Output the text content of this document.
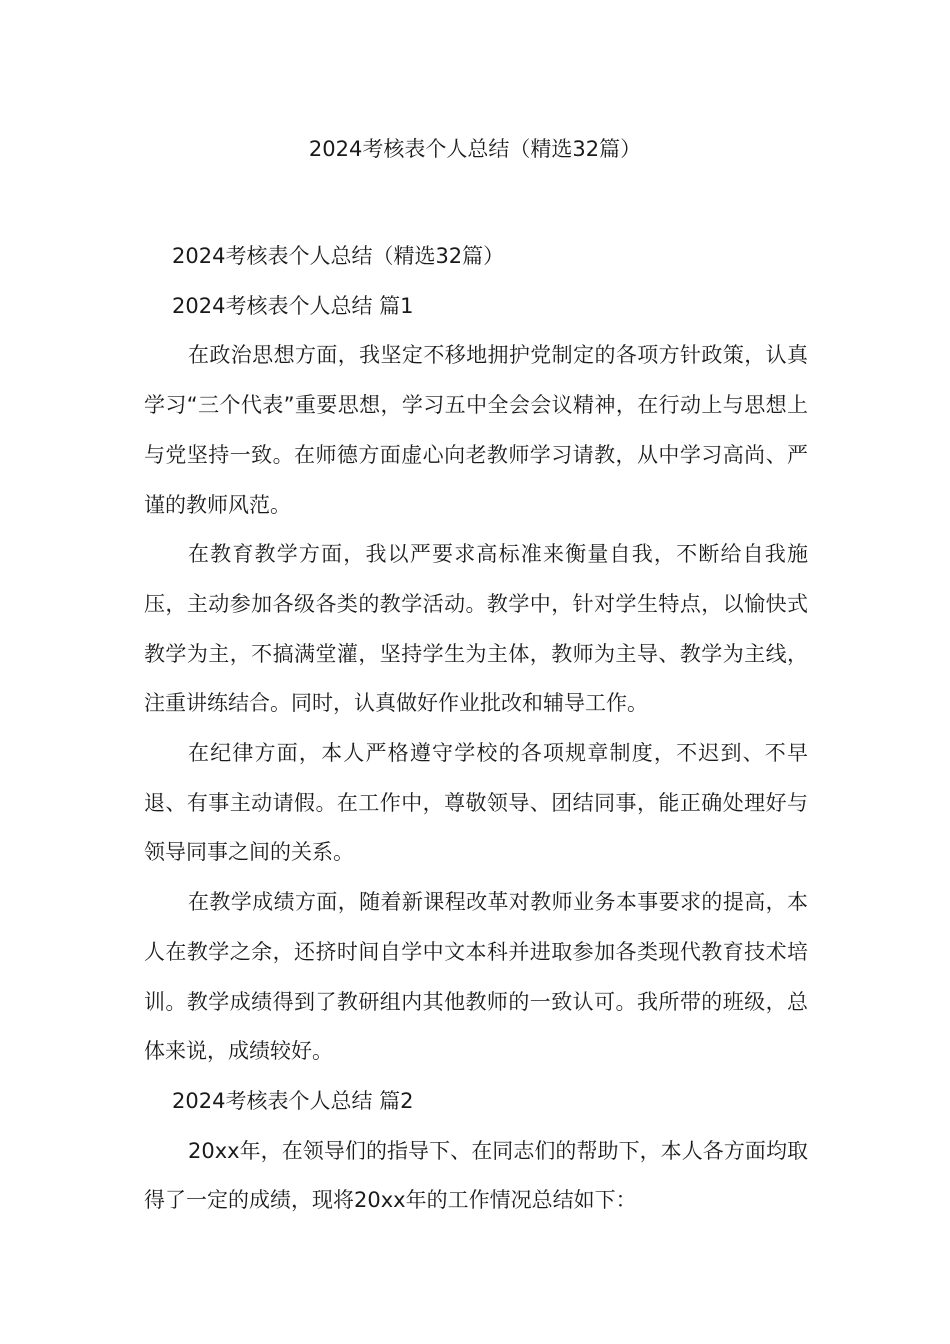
2024考核表个人总结（精选32篇）

2024考核表个人总结（精选32篇）

2024考核表个人总结 篇1

在政治思想方面，我坚定不移地拥护党制定的各项方针政策，认真学习“三个代表”重要思想，学习五中全会会议精神，在行动上与思想上与党坚持一致。在师德方面虚心向老教师学习请教，从中学习高尚、严谨的教师风范。

在教育教学方面，我以严要求高标准来衡量自我，不断给自我施压，主动参加各级各类的教学活动。教学中，针对学生特点，以愉快式教学为主，不搞满堂灌，坚持学生为主体，教师为主导、教学为主线，注重讲练结合。同时，认真做好作业批改和辅导工作。

在纪律方面，本人严格遵守学校的各项规章制度，不迟到、不早退、有事主动请假。在工作中，尊敬领导、团结同事，能正确处理好与领导同事之间的关系。

在教学成绩方面，随着新课程改革对教师业务本事要求的提高，本人在教学之余，还挤时间自学中文本科并进取参加各类现代教育技术培训。教学成绩得到了教研组内其他教师的一致认可。我所带的班级，总体来说，成绩较好。

2024考核表个人总结 篇2

20xx年，在领导们的指导下、在同志们的帮助下，本人各方面均取得了一定的成绩，现将20xx年的工作情况总结如下：
